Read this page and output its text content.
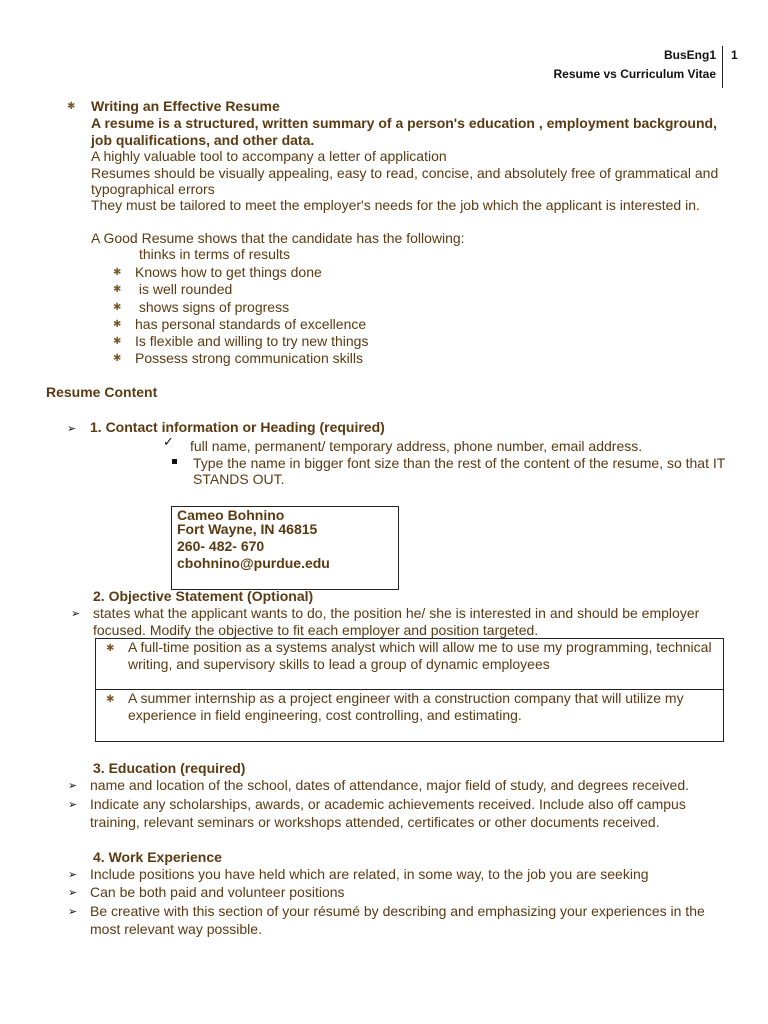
BusEng1
Resume vs Curriculum Vitae
1
✱ Writing an Effective Resume
A resume is a structured, written summary of a person's education , employment background,
job qualifications, and other data.
A highly valuable tool to accompany a letter of application
Resumes should be visually appealing, easy to read, concise, and absolutely free of grammatical and
typographical errors
They must be tailored to meet the employer's needs for the job which the applicant is interested in.
A Good Resume shows that the candidate has the following:
thinks in terms of results
✱ Knows how to get things done
✱ is well rounded
✱ shows signs of progress
✱ has personal standards of excellence
✱ Is flexible and willing to try new things
✱ Possess strong communication skills
Resume Content
➢ 1. Contact information or Heading (required)
✓ full name, permanent/ temporary address, phone number, email address.
Type the name in bigger font size than the rest of the content of the resume, so that IT
STANDS OUT.
Cameo Bohnino
Fort Wayne, IN 46815
260- 482- 670
cbohnino@purdue.edu
2. Objective Statement (Optional)
➢ states what the applicant wants to do, the position he/ she is interested in and should be employer
focused. Modify the objective to fit each employer and position targeted.
✱ A full-time position as a systems analyst which will allow me to use my programming, technical
writing, and supervisory skills to lead a group of dynamic employees
✱ A summer internship as a project engineer with a construction company that will utilize my
experience in field engineering, cost controlling, and estimating.
3. Education (required)
➢ name and location of the school, dates of attendance, major field of study, and degrees received.
➢ Indicate any scholarships, awards, or academic achievements received. Include also off campus
training, relevant seminars or workshops attended, certificates or other documents received.
4. Work Experience
➢ Include positions you have held which are related, in some way, to the job you are seeking
➢ Can be both paid and volunteer positions
➢ Be creative with this section of your résumé by describing and emphasizing your experiences in the
most relevant way possible.
